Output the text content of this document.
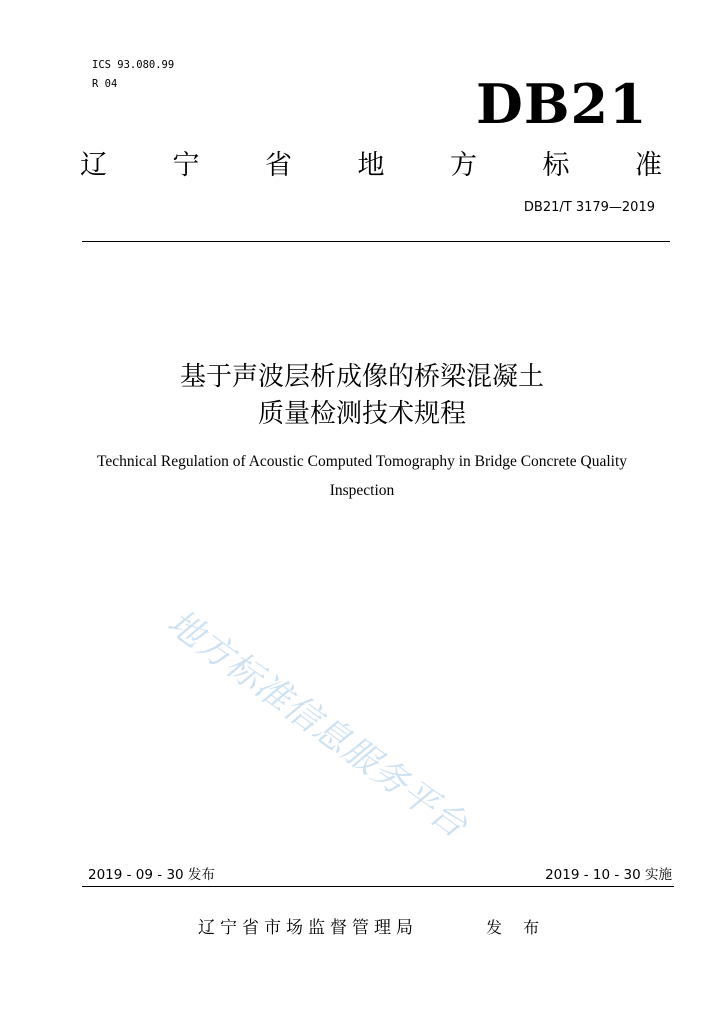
ICS 93.080.99
R 04	DB21
辽 宁 省 地 方 标 准
DB21/T 3179—2019
基于声波层析成像的桥梁混凝土
质量检测技术规程
Technical Regulation of Acoustic Computed Tomography in Bridge Concrete Quality
Inspection
地方标准信息服务平台
2019 - 09 - 30 发布	2019 - 10 - 30 实施
辽宁省市场监督管理局	发 布
